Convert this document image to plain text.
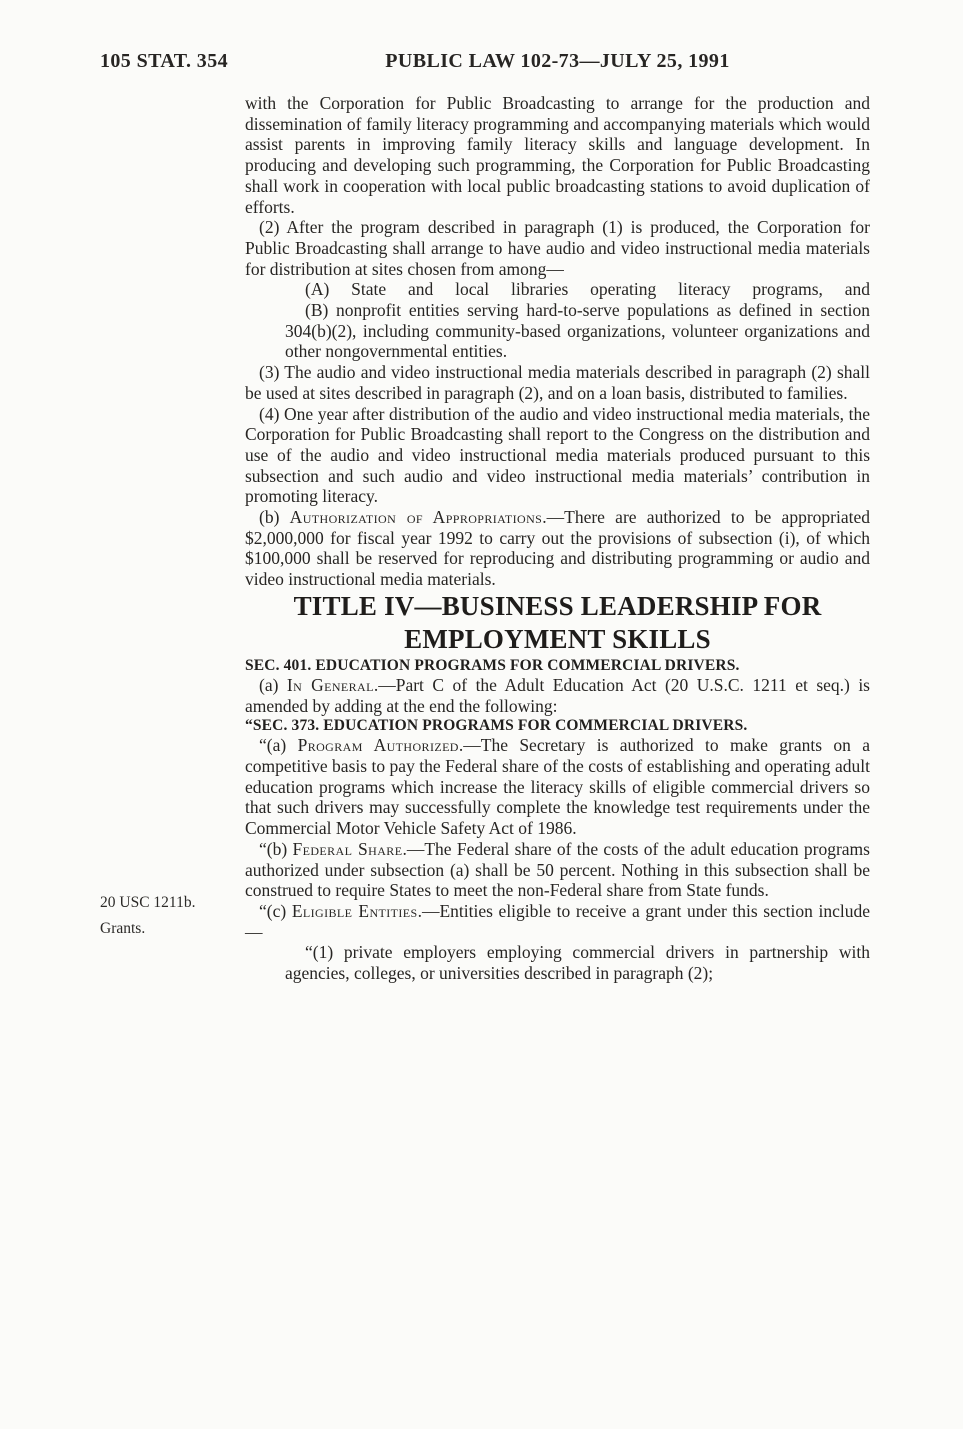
105 STAT. 354	PUBLIC LAW 102-73—JULY 25, 1991
20 USC 1211b.
Grants.

with the Corporation for Public Broadcasting to arrange for the production and dissemination of family literacy programming and accompanying materials which would assist parents in improving family literacy skills and language development. In producing and developing such programming, the Corporation for Public Broadcasting shall work in cooperation with local public broadcasting stations to avoid duplication of efforts.

(2) After the program described in paragraph (1) is produced, the Corporation for Public Broadcasting shall arrange to have audio and video instructional media materials for distribution at sites chosen from among—

(A) State and local libraries operating literacy programs, and

(B) nonprofit entities serving hard-to-serve populations as defined in section 304(b)(2), including community-based organizations, volunteer organizations and other nongovernmental entities.

(3) The audio and video instructional media materials described in paragraph (2) shall be used at sites described in paragraph (2), and on a loan basis, distributed to families.

(4) One year after distribution of the audio and video instructional media materials, the Corporation for Public Broadcasting shall report to the Congress on the distribution and use of the audio and video instructional media materials produced pursuant to this subsection and such audio and video instructional media materials’ contribution in promoting literacy.

(b) Authorization of Appropriations.—There are authorized to be appropriated $2,000,000 for fiscal year 1992 to carry out the provisions of subsection (i), of which $100,000 shall be reserved for reproducing and distributing programming or audio and video instructional media materials.

TITLE IV—BUSINESS LEADERSHIP FOR EMPLOYMENT SKILLS

SEC. 401. EDUCATION PROGRAMS FOR COMMERCIAL DRIVERS.

(a) In General.—Part C of the Adult Education Act (20 U.S.C. 1211 et seq.) is amended by adding at the end the following:

“SEC. 373. EDUCATION PROGRAMS FOR COMMERCIAL DRIVERS.

“(a) Program Authorized.—The Secretary is authorized to make grants on a competitive basis to pay the Federal share of the costs of establishing and operating adult education programs which increase the literacy skills of eligible commercial drivers so that such drivers may successfully complete the knowledge test requirements under the Commercial Motor Vehicle Safety Act of 1986.

“(b) Federal Share.—The Federal share of the costs of the adult education programs authorized under subsection (a) shall be 50 percent. Nothing in this subsection shall be construed to require States to meet the non-Federal share from State funds.

“(c) Eligible Entities.—Entities eligible to receive a grant under this section include—

“(1) private employers employing commercial drivers in partnership with agencies, colleges, or universities described in paragraph (2);
